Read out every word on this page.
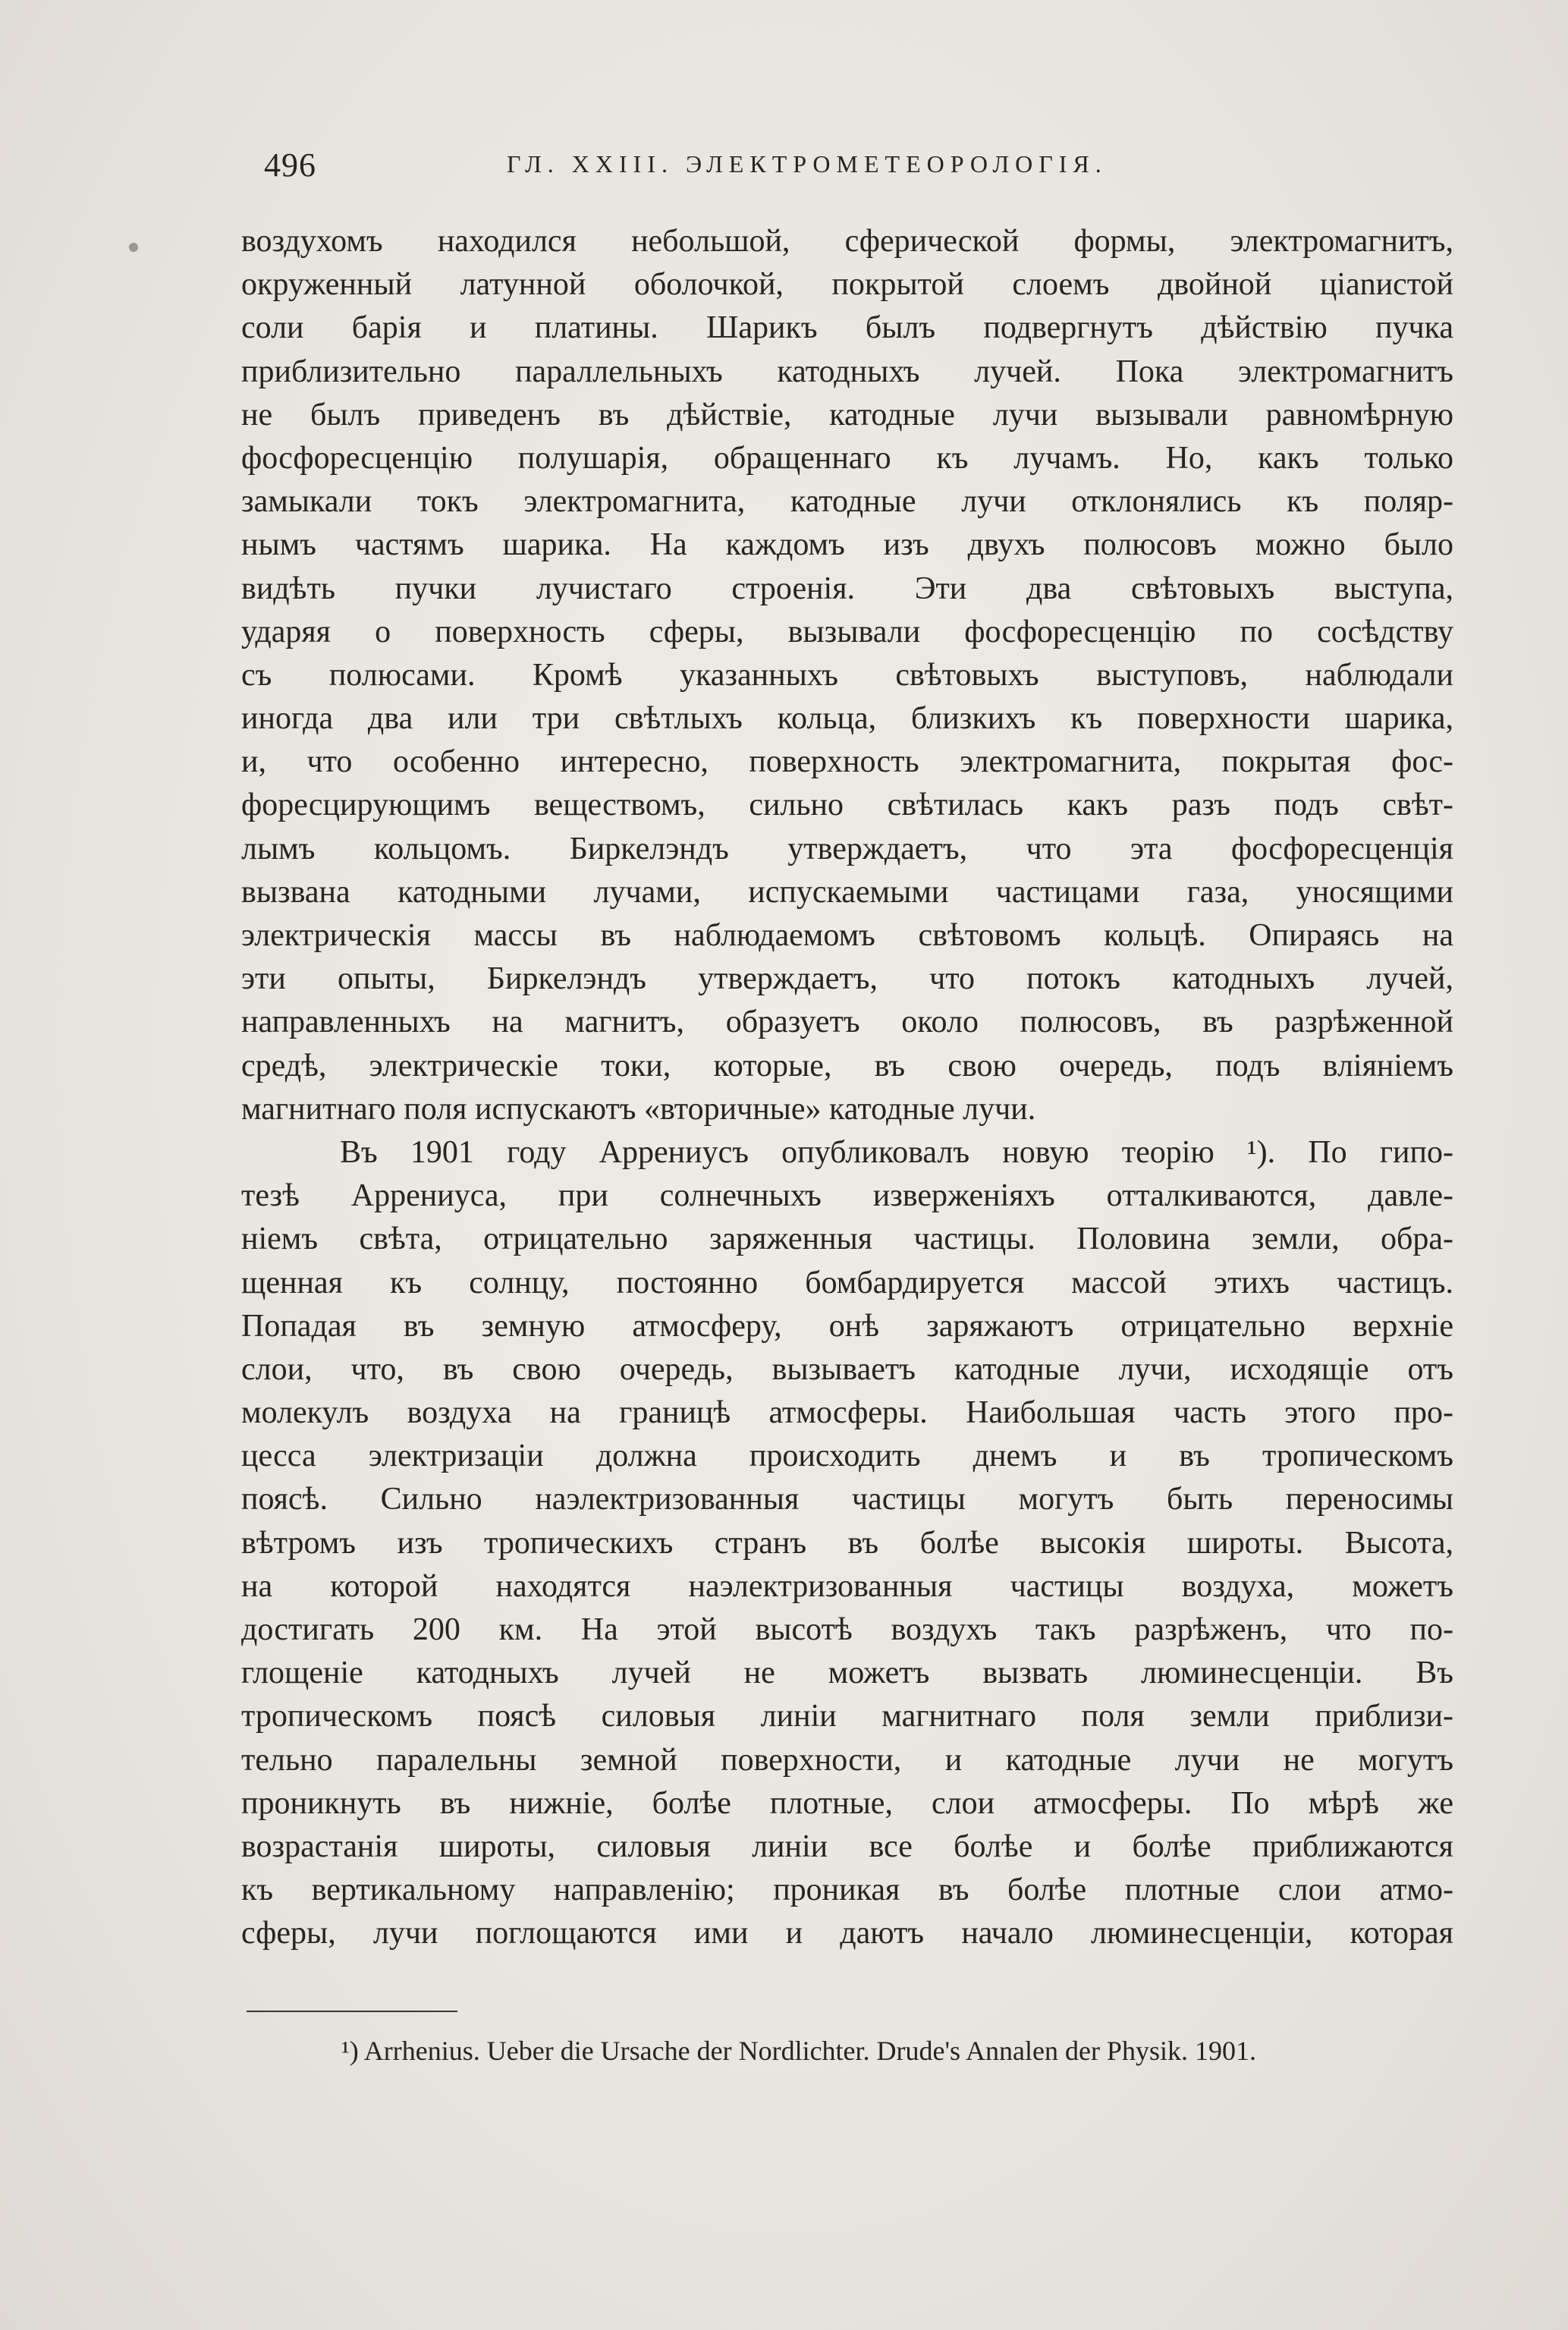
496	ГЛ. XXIII. ЭЛЕКТРОМЕТЕОРОЛОГIЯ.
воздухомъ находился небольшой, сферической формы, электромагнитъ,
окруженный латунной оболочкой, покрытой слоемъ двойной цianистой
соли барiя и платины. Шарикъ былъ подвергнутъ дѣйствiю пучка
приблизительно параллельныхъ катодныхъ лучей. Пока электромагнитъ
не былъ приведенъ въ дѣйствiе, катодные лучи вызывали равномѣрную
фосфоресценцiю полушарiя, обращеннаго къ лучамъ. Но, какъ только
замыкали токъ электромагнита, катодные лучи отклонялись къ поляр-
нымъ частямъ шарика. На каждомъ изъ двухъ полюсовъ можно было
видѣть пучки лучистаго строенiя. Эти два свѣтовыхъ выступа,
ударяя о поверхность сферы, вызывали фосфоресценцiю по сосѣдству
съ полюсами. Кромѣ указанныхъ свѣтовыхъ выступовъ, наблюдали
иногда два или три свѣтлыхъ кольца, близкихъ къ поверхности шарика,
и, что особенно интересно, поверхность электромагнита, покрытая фос-
форесцирующимъ веществомъ, сильно свѣтилась какъ разъ подъ свѣт-
лымъ кольцомъ. Биркелэндъ утверждаетъ, что эта фосфоресценцiя
вызвана катодными лучами, испускаемыми частицами газа, уносящими
электрическiя массы въ наблюдаемомъ свѣтовомъ кольцѣ. Опираясь на
эти опыты, Биркелэндъ утверждаетъ, что потокъ катодныхъ лучей,
направленныхъ на магнитъ, образуетъ около полюсовъ, въ разрѣженной
средѣ, электрическiе токи, которые, въ свою очередь, подъ влiянiемъ
магнитнаго поля испускаютъ «вторичные» катодные лучи.
Въ 1901 году Аррениусъ опубликовалъ новую теорiю ¹). По гипо-
тезѣ Аррениуса, при солнечныхъ изверженiяхъ отталкиваются, давле-
нiемъ свѣта, отрицательно заряженныя частицы. Половина земли, обра-
щенная къ солнцу, постоянно бомбардируется массой этихъ частицъ.
Попадая въ земную атмосферу, онѣ заряжаютъ отрицательно верхнiе
слои, что, въ свою очередь, вызываетъ катодные лучи, исходящiе отъ
молекулъ воздуха на границѣ атмосферы. Наибольшая часть этого про-
цесса электризацiи должна происходить днемъ и въ тропическомъ
поясѣ. Сильно наэлектризованныя частицы могутъ быть переносимы
вѣтромъ изъ тропическихъ странъ въ болѣе высокiя широты. Высота,
на которой находятся наэлектризованныя частицы воздуха, можетъ
достигать 200 км. На этой высотѣ воздухъ такъ разрѣженъ, что по-
глощенiе катодныхъ лучей не можетъ вызвать люминесценцiи. Въ
тропическомъ поясѣ силовыя линiи магнитнаго поля земли приблизи-
тельно паралельны земной поверхности, и катодные лучи не могутъ
проникнуть въ нижнiе, болѣе плотные, слои атмосферы. По мѣрѣ же
возрастанiя широты, силовыя линiи все болѣе и болѣе приближаются
къ вертикальному направленiю; проникая въ болѣе плотные слои атмо-
сферы, лучи поглощаются ими и даютъ начало люминесценцiи, которая
¹) Arrhenius. Ueber die Ursache der Nordlichter. Drude's Annalen der Physik. 1901.
